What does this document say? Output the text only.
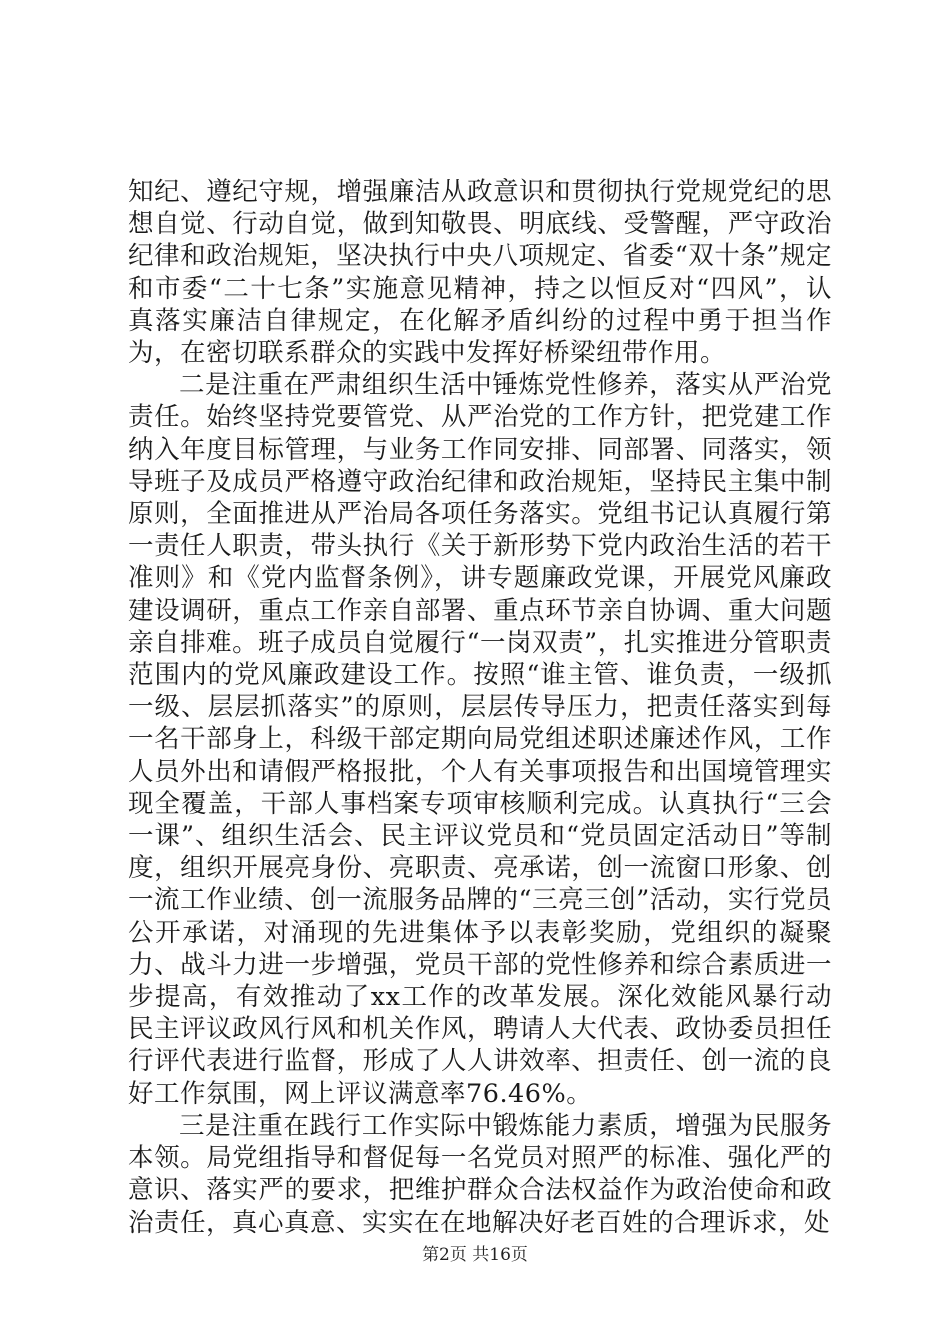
知纪、遵纪守规，增强廉洁从政意识和贯彻执行党规党纪的思想自觉、行动自觉，做到知敬畏、明底线、受警醒，严守政治纪律和政治规矩，坚决执行中央八项规定、省委“双十条”规定和市委“二十七条”实施意见精神，持之以恒反对“四风”，认真落实廉洁自律规定，在化解矛盾纠纷的过程中勇于担当作为，在密切联系群众的实践中发挥好桥梁纽带作用。

二是注重在严肃组织生活中锤炼党性修养，落实从严治党责任。始终坚持党要管党、从严治党的工作方针，把党建工作纳入年度目标管理，与业务工作同安排、同部署、同落实，领导班子及成员严格遵守政治纪律和政治规矩，坚持民主集中制原则，全面推进从严治局各项任务落实。党组书记认真履行第一责任人职责，带头执行《关于新形势下党内政治生活的若干准则》和《党内监督条例》，讲专题廉政党课，开展党风廉政建设调研，重点工作亲自部署、重点环节亲自协调、重大问题亲自排难。班子成员自觉履行“一岗双责”，扎实推进分管职责范围内的党风廉政建设工作。按照“谁主管、谁负责，一级抓一级、层层抓落实”的原则，层层传导压力，把责任落实到每一名干部身上，科级干部定期向局党组述职述廉述作风，工作人员外出和请假严格报批，个人有关事项报告和出国境管理实现全覆盖，干部人事档案专项审核顺利完成。认真执行“三会一课”、组织生活会、民主评议党员和“党员固定活动日”等制度，组织开展亮身份、亮职责、亮承诺，创一流窗口形象、创一流工作业绩、创一流服务品牌的“三亮三创”活动，实行党员公开承诺，对涌现的先进集体予以表彰奖励，党组织的凝聚力、战斗力进一步增强，党员干部的党性修养和综合素质进一步提高，有效推动了xx工作的改革发展。深化效能风暴行动民主评议政风行风和机关作风，聘请人大代表、政协委员担任行评代表进行监督，形成了人人讲效率、担责任、创一流的良好工作氛围，网上评议满意率76.46%。

三是注重在践行工作实际中锻炼能力素质，增强为民服务本领。局党组指导和督促每一名党员对照严的标准、强化严的意识、落实严的要求，把维护群众合法权益作为政治使命和政治责任，真心真意、实实在在地解决好老百姓的合理诉求，处

第2页 共16页
